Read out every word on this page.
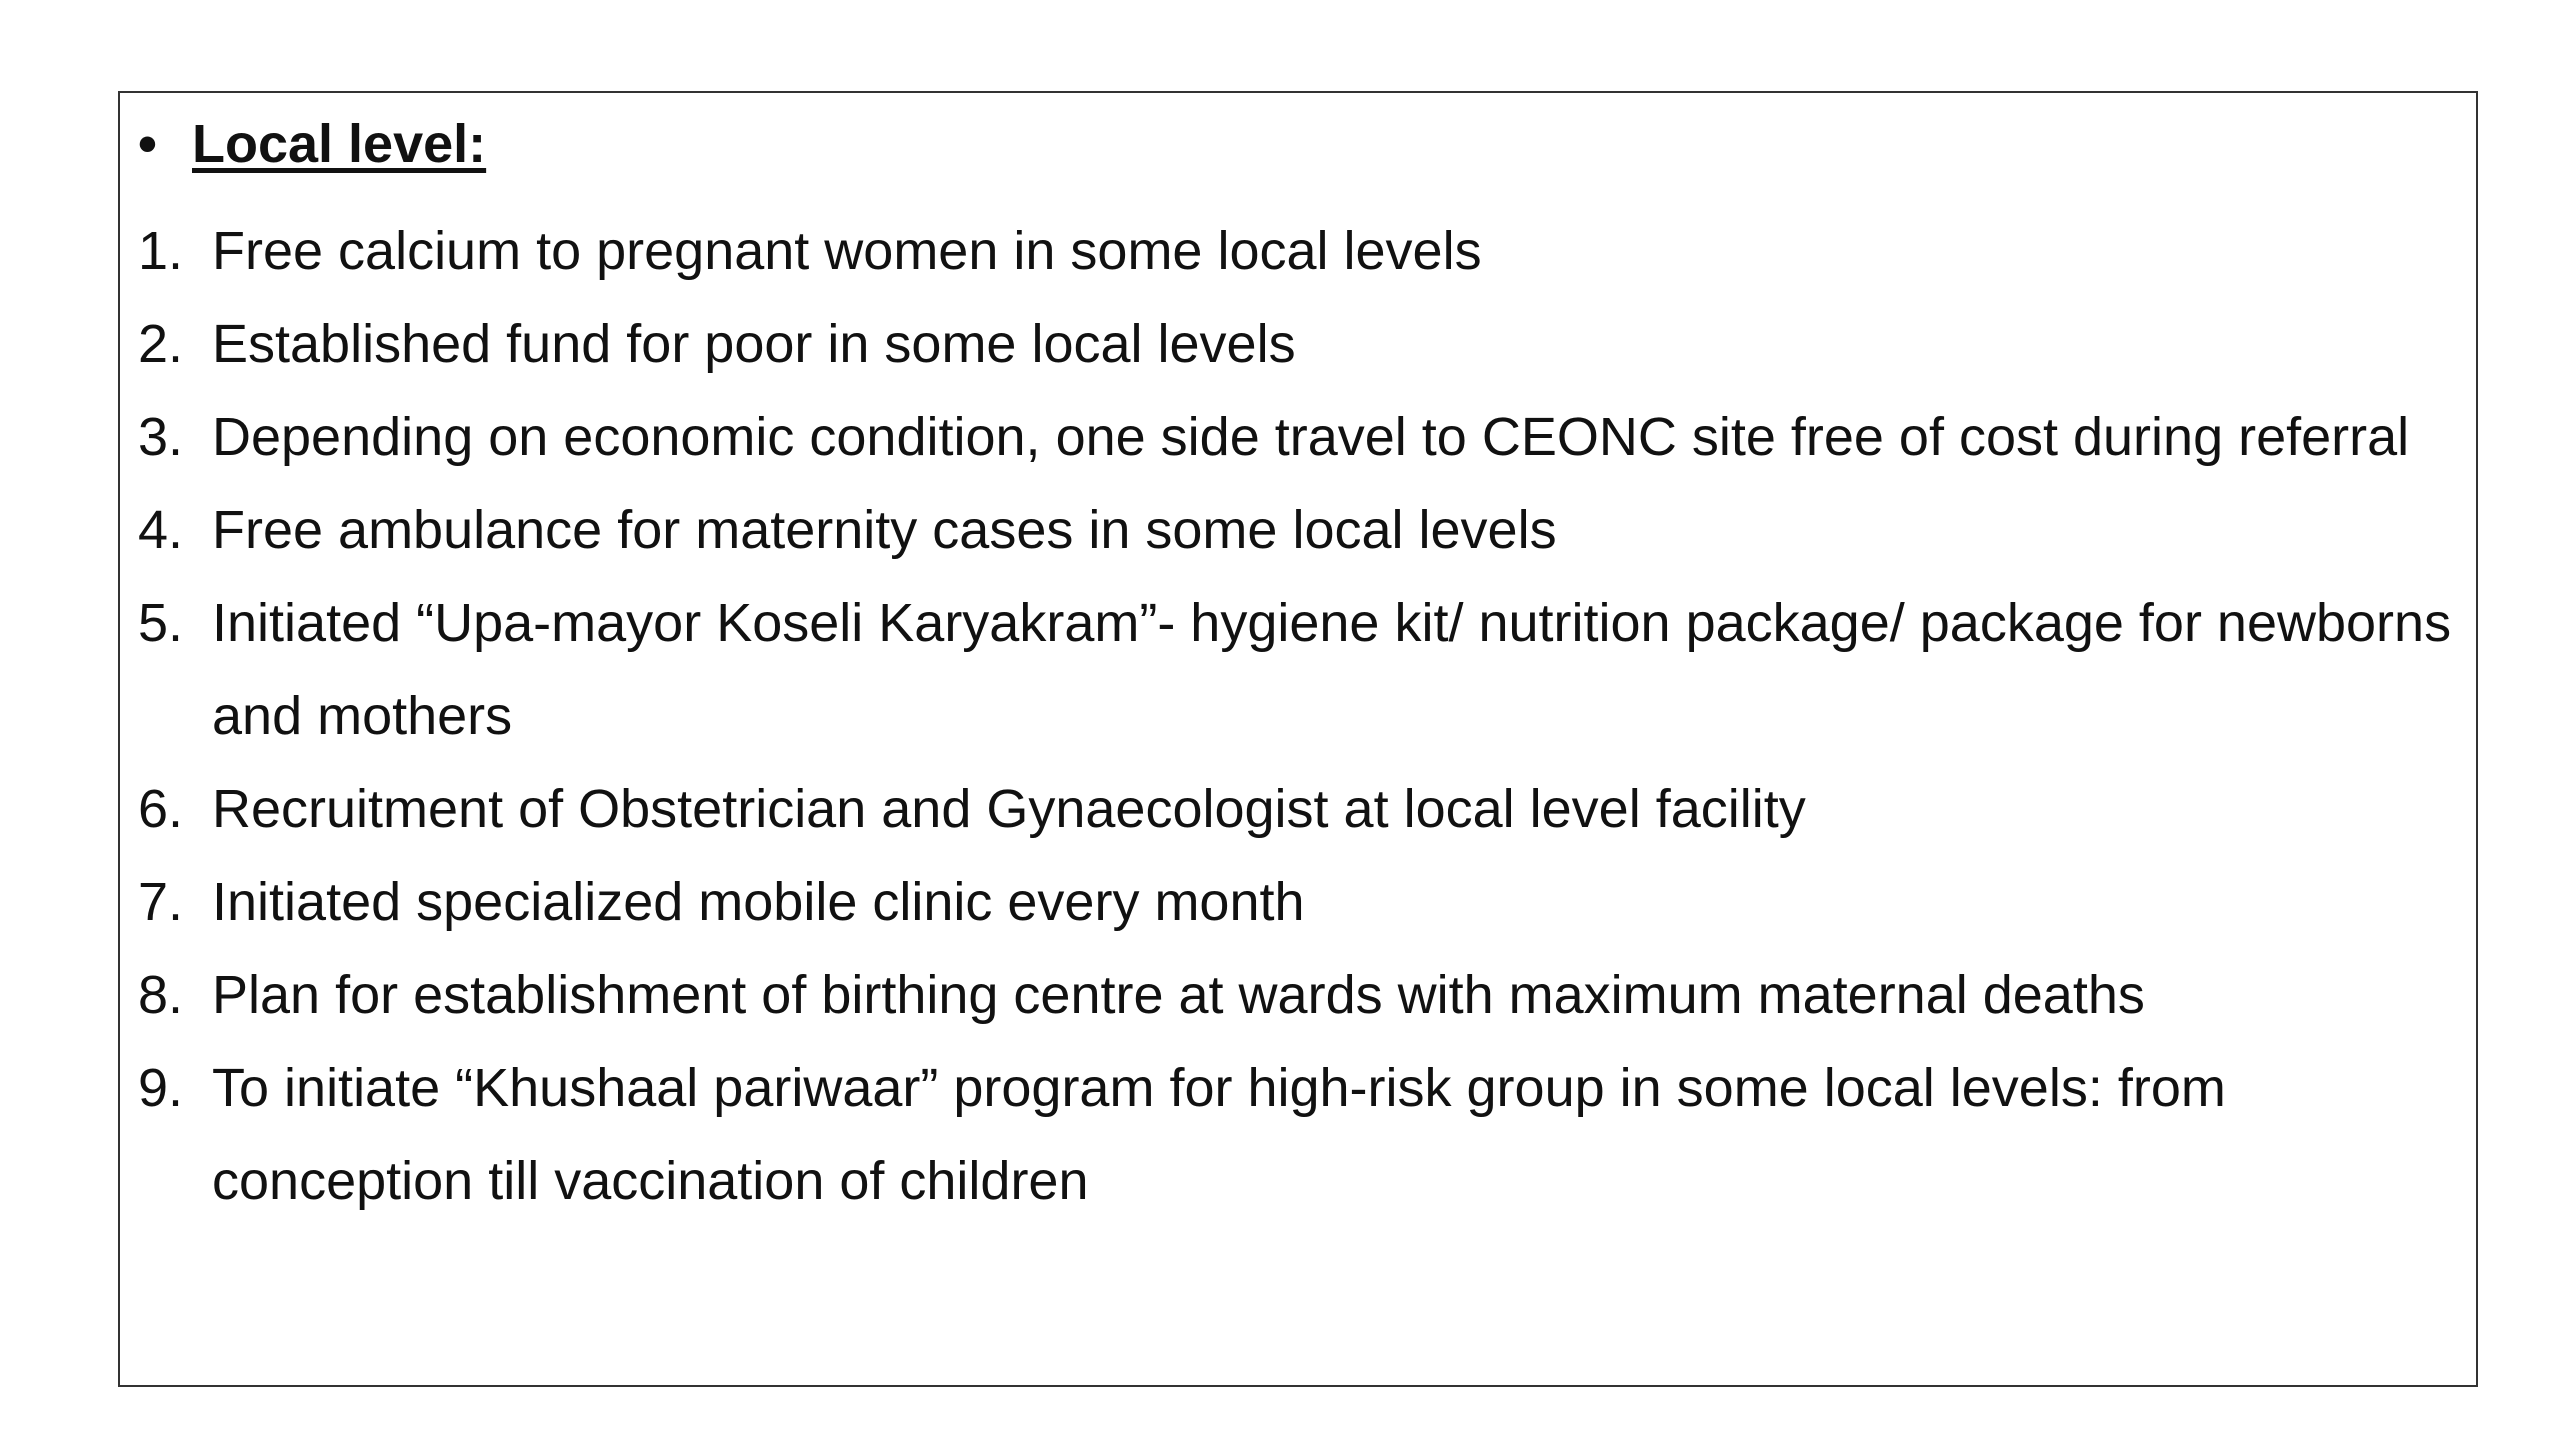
• Local level:
1. Free calcium to pregnant women in some local levels
2. Established fund for poor in some local levels
3. Depending on economic condition, one side travel to CEONC site free of cost during referral
4. Free ambulance for maternity cases in some local levels
5. Initiated “Upa-mayor Koseli Karyakram”- hygiene kit/ nutrition package/ package for newborns and mothers
6. Recruitment of Obstetrician and Gynaecologist at local level facility
7. Initiated specialized mobile clinic every month
8. Plan for establishment of birthing centre at wards with maximum maternal deaths
9. To initiate “Khushaal pariwaar” program for high-risk group in some local levels: from conception till vaccination of children
